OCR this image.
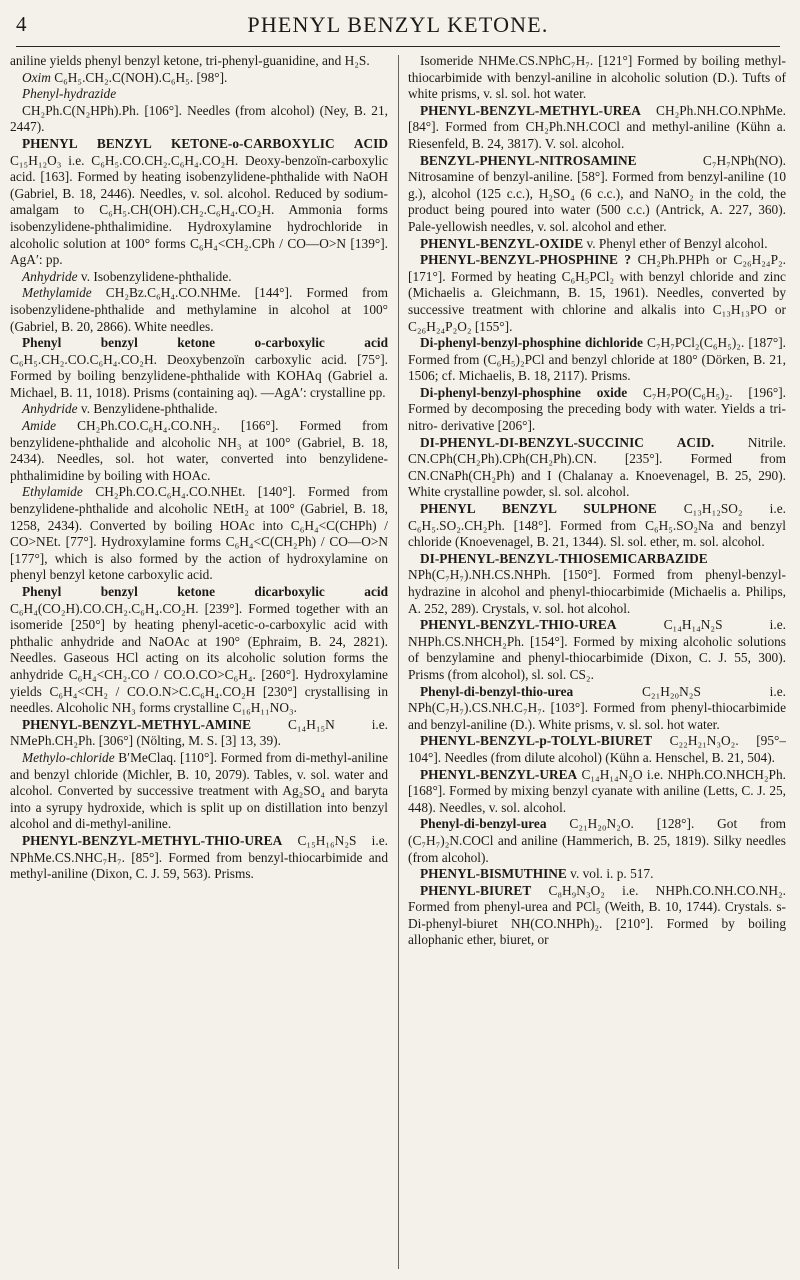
4	PHENYL BENZYL KETONE.

aniline yields phenyl benzyl ketone, tri-phenyl-guanidine, and H₂S.

Oxim C₆H₅.CH₂.C(NOH).C₆H₅. [98°].

Phenyl-hydrazide

CH₂Ph.C(N₂HPh).Ph. [106°]. Needles (from alcohol) (Ney, B. 21, 2447).

PHENYL BENZYL KETONE-o-CARBOXYLIC ACID C₁₅H₁₂O₃ i.e. C₆H₅.CO.CH₂.C₆H₄.CO₂H. Deoxy-benzoïn-carboxylic acid. [163]. Formed by heating isobenzylidene-phthalide with NaOH (Gabriel, B. 18, 2446). Needles, v. sol. alcohol. Reduced by sodium-amalgam to C₆H₅.CH(OH).CH₂.C₆H₄.CO₂H. Ammonia forms isobenzylidene-phthalimidine. Hydroxylamine hydrochloride in alcoholic solution at 100° forms C₆H₄<CH₂.CPh / CO—O>N [139°]. AgA′: pp.

Anhydride v. Isobenzylidene-phthalide.

Methylamide CH₂Bz.C₆H₄.CO.NHMe. [144°]. Formed from isobenzylidene-phthalide and methylamine in alcohol at 100° (Gabriel, B. 20, 2866). White needles.

Phenyl benzyl ketone o-carboxylic acid C₆H₅.CH₂.CO.C₆H₄.CO₂H. Deoxybenzoïn carboxylic acid. [75°]. Formed by boiling benzylidene-phthalide with KOHAq (Gabriel a. Michael, B. 11, 1018). Prisms (containing aq). —AgA′: crystalline pp.

Anhydride v. Benzylidene-phthalide.

Amide CH₂Ph.CO.C₆H₄.CO.NH₂. [166°]. Formed from benzylidene-phthalide and alcoholic NH₃ at 100° (Gabriel, B. 18, 2434). Needles, sol. hot water, converted into benzylidene-phthalimidine by boiling with HOAc.

Ethylamide CH₂Ph.CO.C₆H₄.CO.NHEt. [140°]. Formed from benzylidene-phthalide and alcoholic NEtH₂ at 100° (Gabriel, B. 18, 1258, 2434). Converted by boiling HOAc into C₆H₄<C(CHPh) / CO>NEt. [77°]. Hydroxylamine forms C₆H₄<C(CH₂Ph) / CO—O>N [177°], which is also formed by the action of hydroxylamine on phenyl benzyl ketone carboxylic acid.

Phenyl benzyl ketone dicarboxylic acid C₆H₄(CO₂H).CO.CH₂.C₆H₄.CO₂H. [239°]. Formed together with an isomeride [250°] by heating phenyl-acetic-o-carboxylic acid with phthalic anhydride and NaOAc at 190° (Ephraim, B. 24, 2821). Needles. Gaseous HCl acting on its alcoholic solution forms the anhydride C₆H₄<CH₂.CO / CO.O.CO>C₆H₄. [260°]. Hydroxylamine yields C₆H₄<CH₂ / CO.O.N>C.C₆H₄.CO₂H [230°] crystallising in needles. Alcoholic NH₃ forms crystalline C₁₆H₁₁NO₃.

PHENYL-BENZYL-METHYL-AMINE C₁₄H₁₅N i.e. NMePh.CH₂Ph. [306°] (Nölting, M. S. [3] 13, 39).

Methylo-chloride B′MeClaq. [110°]. Formed from di-methyl-aniline and benzyl chloride (Michler, B. 10, 2079). Tables, v. sol. water and alcohol. Converted by successive treatment with Ag₂SO₄ and baryta into a syrupy hydroxide, which is split up on distillation into benzyl alcohol and di-methyl-aniline.

PHENYL-BENZYL-METHYL-THIO-UREA C₁₅H₁₆N₂S i.e. NPhMe.CS.NHC₇H₇. [85°]. Formed from benzyl-thiocarbimide and methyl-aniline (Dixon, C. J. 59, 563). Prisms.

Isomeride NHMe.CS.NPhC₇H₇. [121°] Formed by boiling methyl-thiocarbimide with benzyl-aniline in alcoholic solution (D.). Tufts of white prisms, v. sl. sol. hot water.

PHENYL-BENZYL-METHYL-UREA CH₂Ph.NH.CO.NPhMe. [84°]. Formed from CH₂Ph.NH.COCl and methyl-aniline (Kühn a. Riesenfeld, B. 24, 3817). V. sol. alcohol.

BENZYL-PHENYL-NITROSAMINE C₇H₇NPh(NO). Nitrosamine of benzyl-aniline. [58°]. Formed from benzyl-aniline (10 g.), alcohol (125 c.c.), H₂SO₄ (6 c.c.), and NaNO₂ in the cold, the product being poured into water (500 c.c.) (Antrick, A. 227, 360). Pale-yellowish needles, v. sol. alcohol and ether.

PHENYL-BENZYL-OXIDE v. Phenyl ether of Benzyl alcohol.

PHENYL-BENZYL-PHOSPHINE ? CH₂Ph.PHPh or C₂₆H₂₄P₂. [171°]. Formed by heating C₆H₅PCl₂ with benzyl chloride and zinc (Michaelis a. Gleichmann, B. 15, 1961). Needles, converted by successive treatment with chlorine and alkalis into C₁₃H₁₃PO or C₂₆H₂₄P₂O₂ [155°].

Di-phenyl-benzyl-phosphine dichloride C₇H₇PCl₂(C₆H₅)₂. [187°]. Formed from (C₆H₅)₂PCl and benzyl chloride at 180° (Dörken, B. 21, 1506; cf. Michaelis, B. 18, 2117). Prisms.

Di-phenyl-benzyl-phosphine oxide C₇H₇PO(C₆H₅)₂. [196°]. Formed by decomposing the preceding body with water. Yields a tri-nitro- derivative [206°].

DI-PHENYL-DI-BENZYL-SUCCINIC ACID. Nitrile. CN.CPh(CH₂Ph).CPh(CH₂Ph).CN. [235°]. Formed from CN.CNaPh(CH₂Ph) and I (Chalanay a. Knoevenagel, B. 25, 290). White crystalline powder, sl. sol. alcohol.

PHENYL BENZYL SULPHONE C₁₃H₁₂SO₂ i.e. C₆H₅.SO₂.CH₂Ph. [148°]. Formed from C₆H₅.SO₂Na and benzyl chloride (Knoevenagel, B. 21, 1344). Sl. sol. ether, m. sol. alcohol.

DI-PHENYL-BENZYL-THIOSEMICARBAZIDE NPh(C₇H₇).NH.CS.NHPh. [150°]. Formed from phenyl-benzyl-hydrazine in alcohol and phenyl-thiocarbimide (Michaelis a. Philips, A. 252, 289). Crystals, v. sol. hot alcohol.

PHENYL-BENZYL-THIO-UREA C₁₄H₁₄N₂S i.e. NHPh.CS.NHCH₂Ph. [154°]. Formed by mixing alcoholic solutions of benzylamine and phenyl-thiocarbimide (Dixon, C. J. 55, 300). Prisms (from alcohol), sl. sol. CS₂.

Phenyl-di-benzyl-thio-urea C₂₁H₂₀N₂S i.e. NPh(C₇H₇).CS.NH.C₇H₇. [103°]. Formed from phenyl-thiocarbimide and benzyl-aniline (D.). White prisms, v. sl. sol. hot water.

PHENYL-BENZYL-p-TOLYL-BIURET C₂₂H₂₁N₃O₂. [95°–104°]. Needles (from dilute alcohol) (Kühn a. Henschel, B. 21, 504).

PHENYL-BENZYL-UREA C₁₄H₁₄N₂O i.e. NHPh.CO.NHCH₂Ph. [168°]. Formed by mixing benzyl cyanate with aniline (Letts, C. J. 25, 448). Needles, v. sol. alcohol.

Phenyl-di-benzyl-urea C₂₁H₂₀N₂O. [128°]. Got from (C₇H₇)₂N.COCl and aniline (Hammerich, B. 25, 1819). Silky needles (from alcohol).

PHENYL-BISMUTHINE v. vol. i. p. 517.

PHENYL-BIURET C₈H₉N₃O₂ i.e. NHPh.CO.NH.CO.NH₂. Formed from phenyl-urea and PCl₅ (Weith, B. 10, 1744). Crystals. s-Di-phenyl-biuret NH(CO.NHPh)₂. [210°]. Formed by boiling allophanic ether, biuret, or
